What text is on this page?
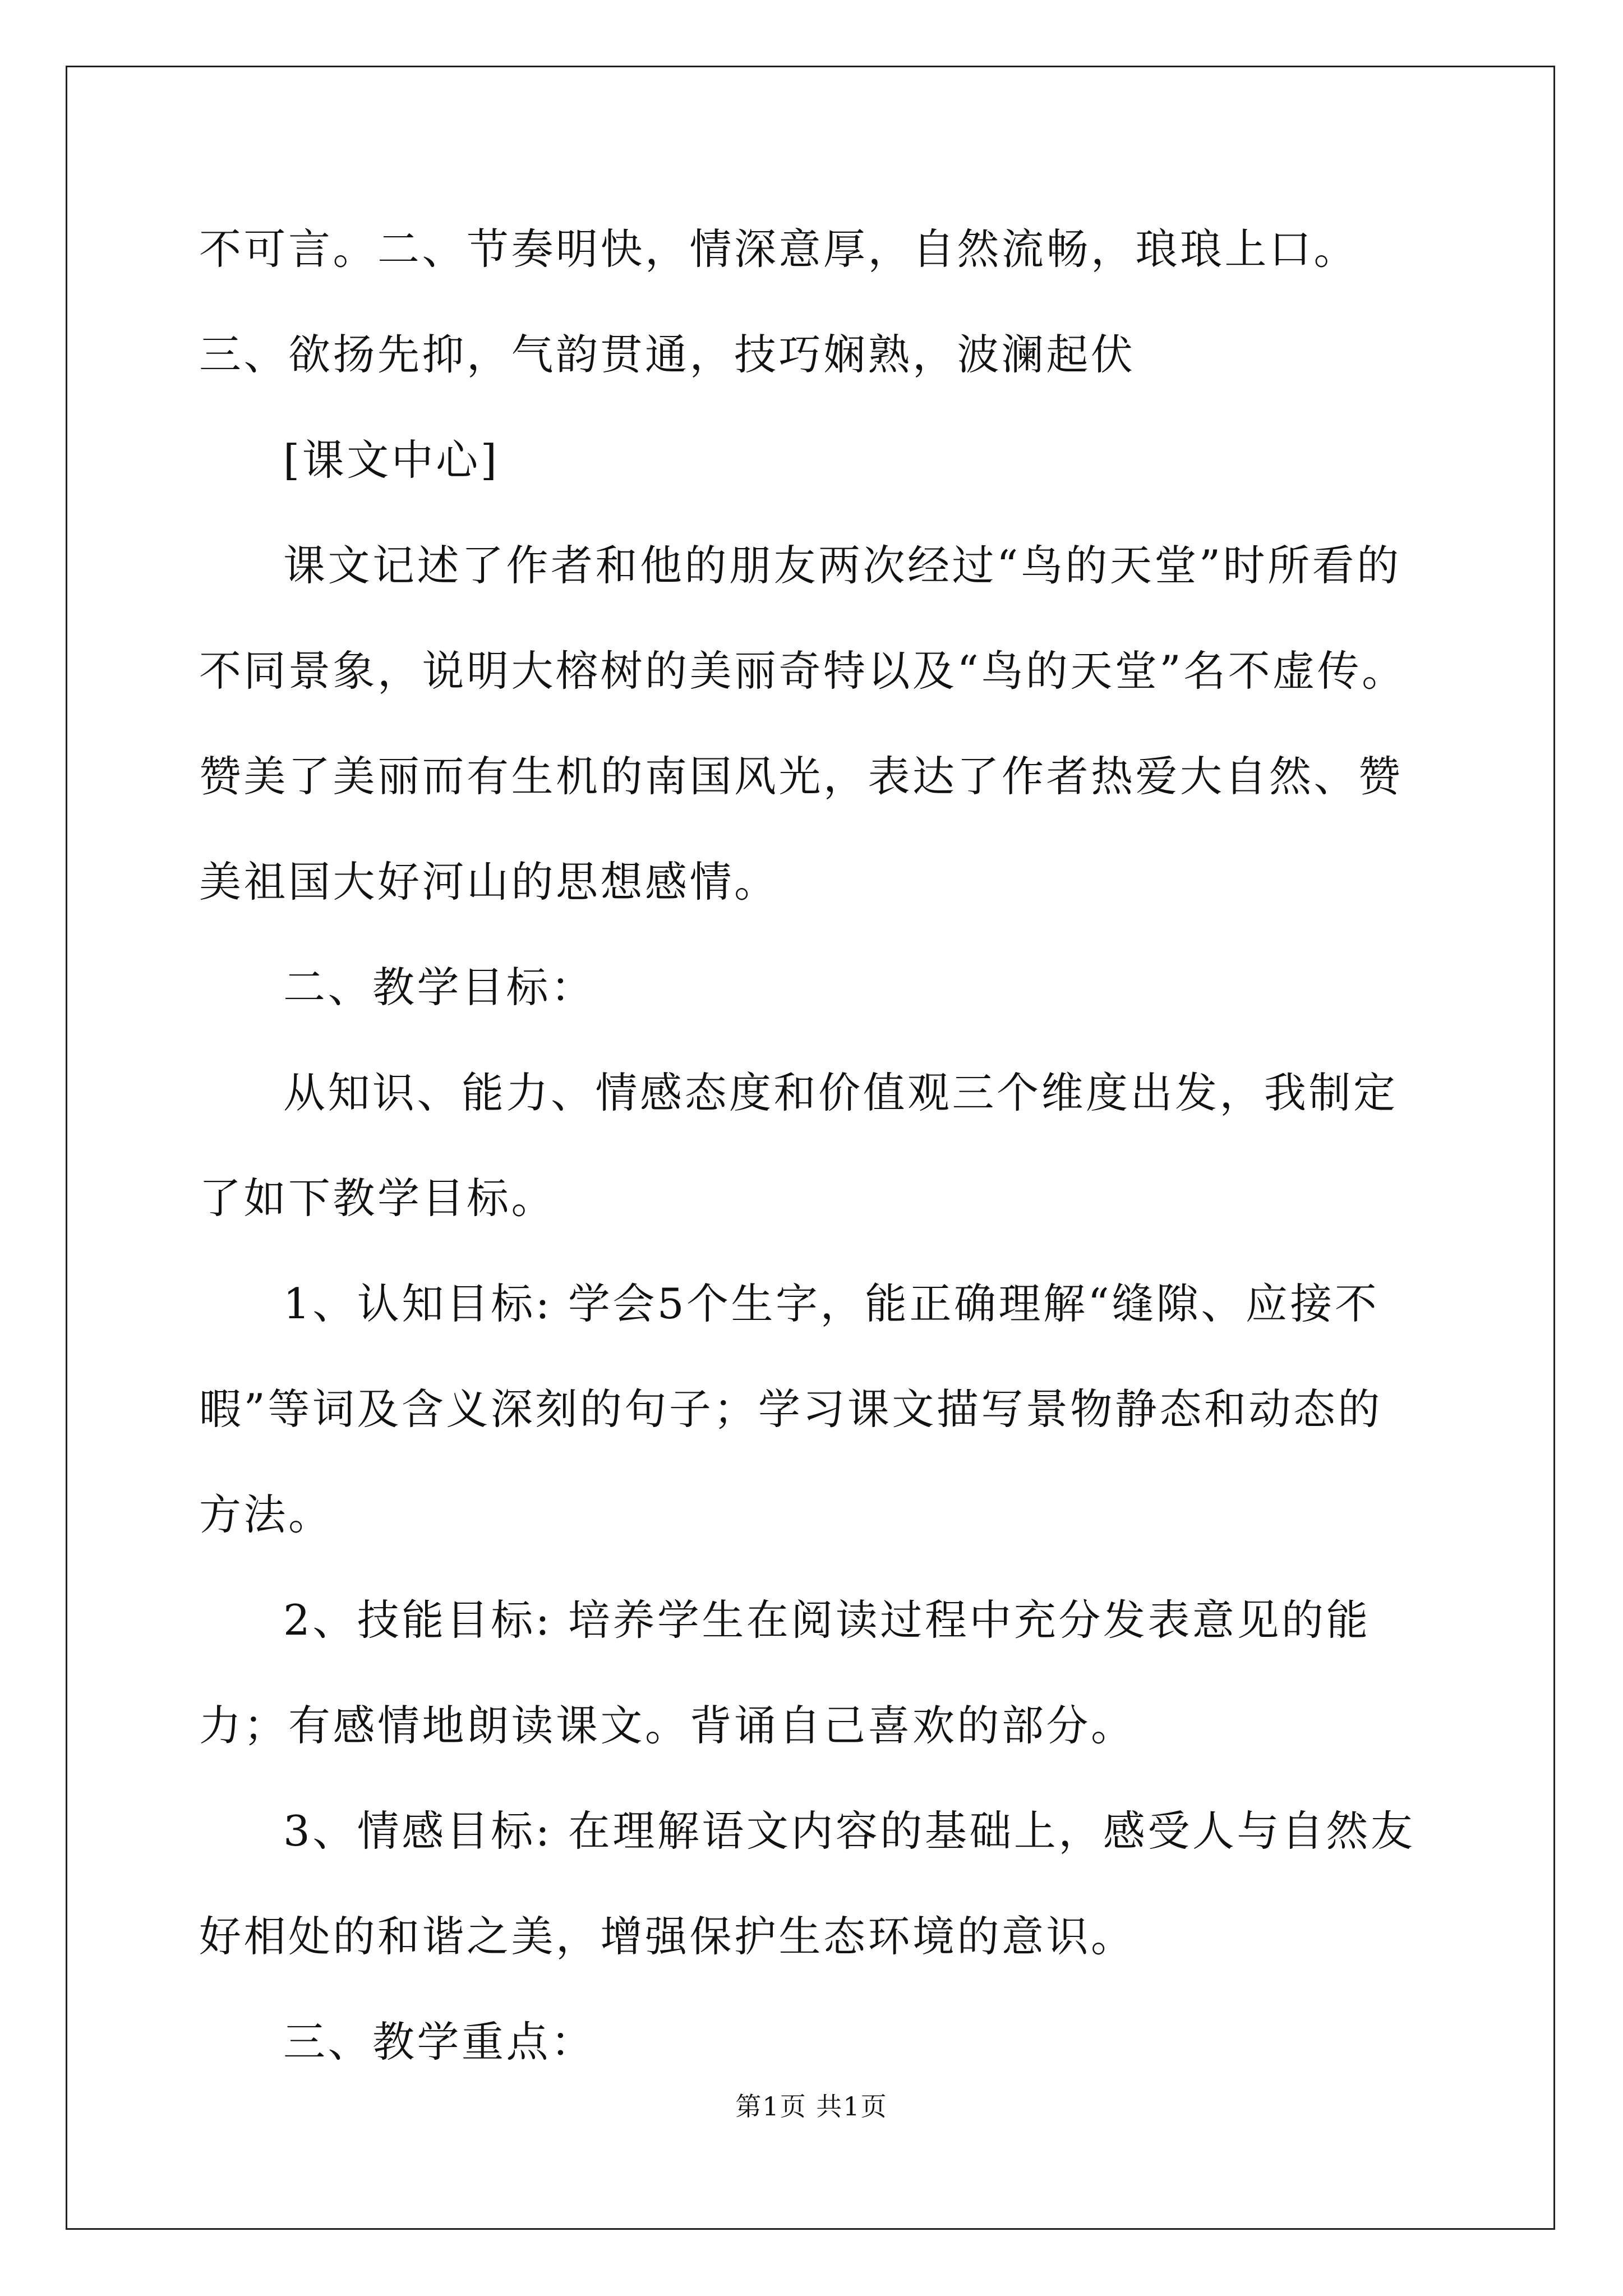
不可言。二、节奏明快，情深意厚，自然流畅，琅琅上口。三、欲扬先抑，气韵贯通，技巧娴熟，波澜起伏

[课文中心]

课文记述了作者和他的朋友两次经过“鸟的天堂”时所看的不同景象，说明大榕树的美丽奇特以及“鸟的天堂”名不虚传。赞美了美丽而有生机的南国风光，表达了作者热爱大自然、赞美祖国大好河山的思想感情。

二、教学目标：

从知识、能力、情感态度和价值观三个维度出发，我制定了如下教学目标。

1、认知目标: 学会5个生字，能正确理解“缝隙、应接不暇”等词及含义深刻的句子；学习课文描写景物静态和动态的方法。

2、技能目标: 培养学生在阅读过程中充分发表意见的能力；有感情地朗读课文。背诵自己喜欢的部分。

3、情感目标: 在理解语文内容的基础上，感受人与自然友好相处的和谐之美，增强保护生态环境的意识。

三、教学重点：

第1页 共1页
